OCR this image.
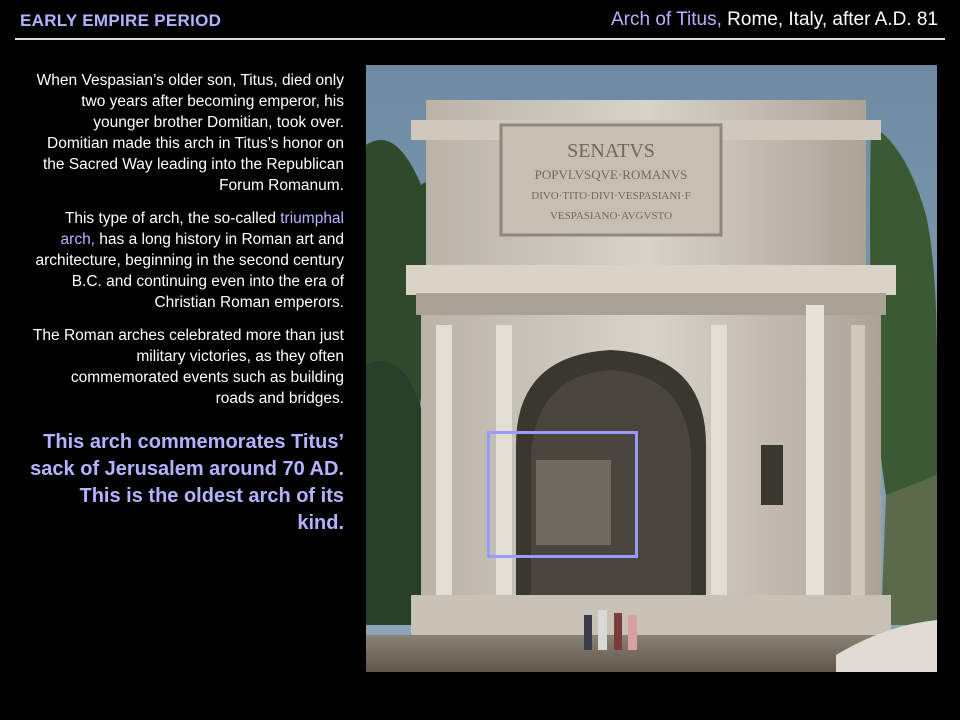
EARLY EMPIRE PERIOD	Arch of Titus, Rome, Italy, after A.D. 81

When Vespasian’s older son, Titus, died only two years after becoming emperor, his younger brother Domitian, took over. Domitian made this arch in Titus’s honor on the Sacred Way leading into the Republican Forum Romanum.

This type of arch, the so-called triumphal arch, has a long history in Roman art and architecture, beginning in the second century B.C. and continuing even into the era of Christian Roman emperors.

The Roman arches celebrated more than just military victories, as they often commemorated events such as building roads and bridges.

This arch commemorates Titus’ sack of Jerusalem around 70 AD. This is the oldest arch of its kind.
SENATVS
POPVLVSQVE·ROMANVS
DIVO·TITO·DIVI·VESPASIANI·F
VESPASIANO·AVGVSTO
